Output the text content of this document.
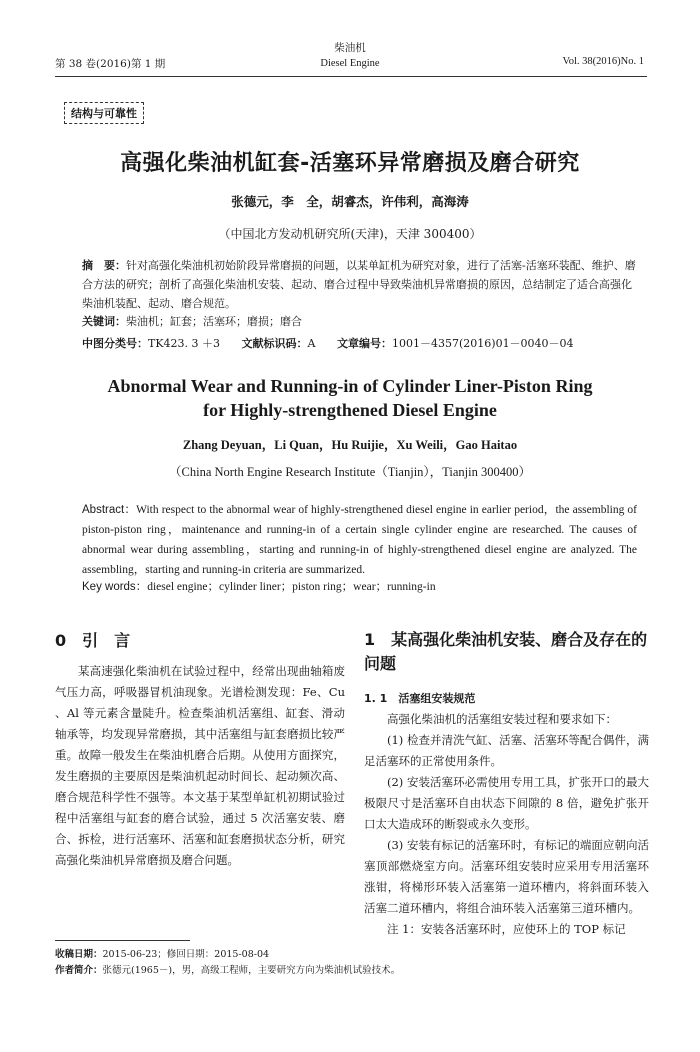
第 38 卷(2016)第 1 期
柴油机
Diesel Engine	Vol. 38(2016)No. 1
结构与可靠性
高强化柴油机缸套-活塞环异常磨损及磨合研究
张德元，李　全，胡睿杰，许伟利，高海涛
（中国北方发动机研究所(天津)，天津 300400）
摘　要：针对高强化柴油机初始阶段异常磨损的问题，以某单缸机为研究对象，进行了活塞-活塞环装配、维护、磨合方法的研究；剖析了高强化柴油机安装、起动、磨合过程中导致柴油机异常磨损的原因，总结制定了适合高强化柴油机装配、起动、磨合规范。
关键词：柴油机；缸套；活塞环；磨损；磨合
中图分类号：TK423. 3 ＋3 文献标识码：A 文章编号：1001－4357(2016)01－0040－04
Abnormal Wear and Running-in of Cylinder Liner-Piston Ring
for Highly-strengthened Diesel Engine
Zhang Deyuan，Li Quan，Hu Ruijie，Xu Weili，Gao Haitao
（China North Engine Research Institute（Tianjin），Tianjin 300400）
Abstract：With respect to the abnormal wear of highly-strengthened diesel engine in earlier period，the assembling of piston-piston ring，maintenance and running-in of a certain single cylinder engine are researched. The causes of abnormal wear during assembling，starting and running-in of highly-strengthened diesel engine are analyzed. The assembling，starting and running-in criteria are summarized.
Key words：diesel engine；cylinder liner；piston ring；wear；running-in
0　引　言
某高速强化柴油机在试验过程中，经常出现曲轴箱废气压力高，呼吸器冒机油现象。光谱检测发现：Fe、Cu 、Al 等元素含量陡升。检查柴油机活塞组、缸套、滑动轴承等，均发现异常磨损，其中活塞组与缸套磨损比较严重。故障一般发生在柴油机磨合后期。从使用方面探究，发生磨损的主要原因是柴油机起动时间长、起动频次高、磨合规范科学性不强等。本文基于某型单缸机初期试验过程中活塞组与缸套的磨合试验，通过 5 次活塞安装、磨合、拆检，进行活塞环、活塞和缸套磨损状态分析，研究高强化柴油机异常磨损及磨合问题。
1　某高强化柴油机安装、磨合及存在的问题
1. 1　活塞组安装规范
高强化柴油机的活塞组安装过程和要求如下：
(1) 检查并清洗气缸、活塞、活塞环等配合偶件，满足活塞环的正常使用条件。
(2) 安装活塞环必需使用专用工具，扩张开口的最大极限尺寸是活塞环自由状态下间隙的 8 倍，避免扩张开口太大造成环的断裂或永久变形。
(3) 安装有标记的活塞环时，有标记的端面应朝向活塞顶部燃烧室方向。活塞环组安装时应采用专用活塞环涨钳，将梯形环装入活塞第一道环槽内，将斜面环装入活塞二道环槽内，将组合油环装入活塞第三道环槽内。
注 1：安装各活塞环时，应使环上的 TOP 标记
收稿日期：2015-06-23；修回日期：2015-08-04
作者简介：张德元(1965－)，男，高级工程师，主要研究方向为柴油机试验技术。
